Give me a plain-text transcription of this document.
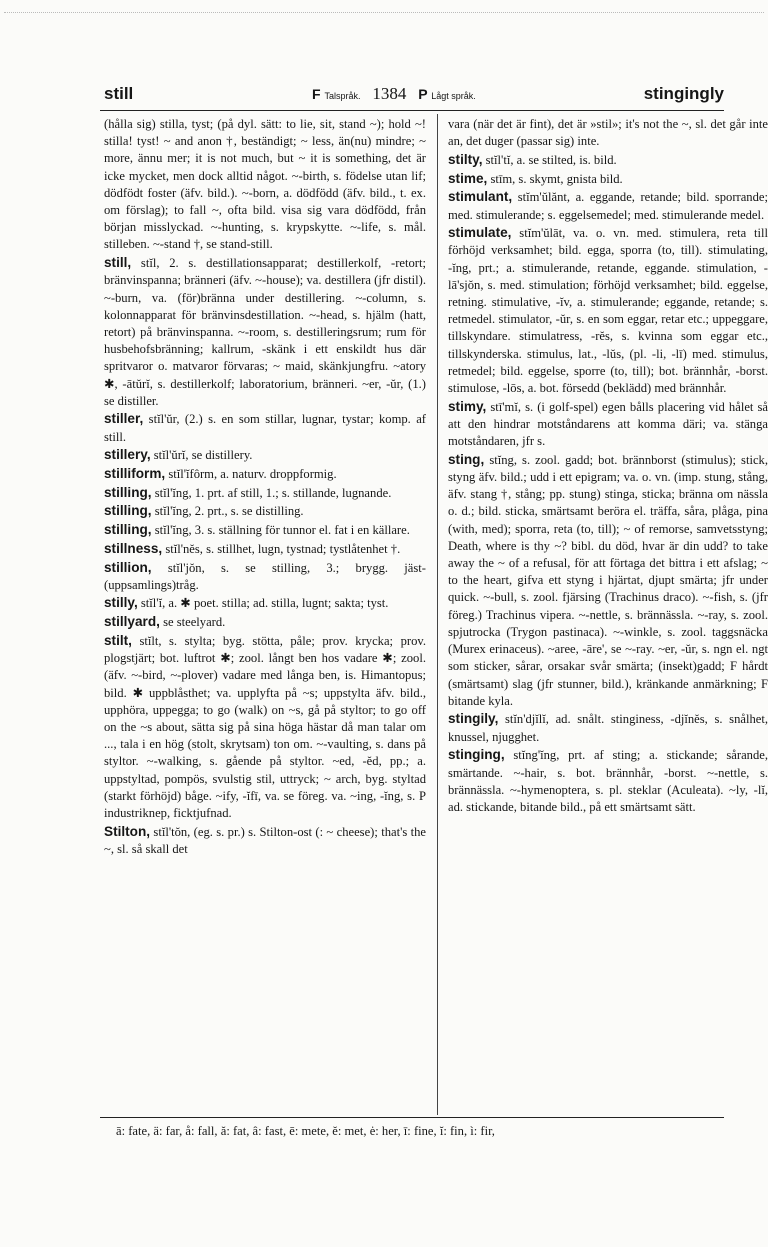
still	F Talspråk. 1384 P Lågt språk.	stingingly
(hålla sig) stilla, tyst; (på dyl. sätt: to lie, sit, stand ~); hold ~! stilla! tyst! ~ and anon †, beständigt; ~ less, än(nu) mindre; ~ more, ännu mer; it is not much, but ~ it is something, det är icke mycket, men dock alltid något. ~-birth, s. födelse utan lif; dödfödt foster (äfv. bild.). ~-born, a. dödfödd (äfv. bild., t. ex. om förslag); to fall ~, ofta bild. visa sig vara dödfödd, från början misslyckad. ~-hunting, s. krypskytte. ~-life, s. mål. stilleben. ~-stand †, se stand-still.
still, stĭl, 2. s. destillationsapparat; destillerkolf, -retort; bränvinspanna; bränneri (äfv. ~-house); va. destillera (jfr distil). ~-burn, va. (för)bränna under destillering. ~-column, s. kolonnapparat för bränvinsdestillation. ~-head, s. hjälm (hatt, retort) på bränvinspanna. ~-room, s. destilleringsrum; rum för husbehofsbränning; kallrum, -skänk i ett enskildt hus där spritvaror o. matvaror förvaras; ~ maid, skänkjungfru. ~atory ✱, -ātŭrĭ, s. destillerkolf; laboratorium, bränneri. ~er, -ŭr, (1.) se distiller.
stiller, stĭl'ŭr, (2.) s. en som stillar, lugnar, tystar; komp. af still.
stillery, stĭl'ŭrĭ, se distillery.
stilliform, stĭl'ĭfôrm, a. naturv. droppformig.
stilling, stĭl'ĭng, 1. prt. af still, 1.; s. stillande, lugnande.
stilling, stĭl'ĭng, 2. prt., s. se distilling.
stilling, stĭl'ĭng, 3. s. ställning för tunnor el. fat i en källare.
stillness, stĭl'nĕs, s. stillhet, lugn, tystnad; tystlåtenhet †.
stillion, stĭl'jŏn, s. se stilling, 3.; brygg. jäst-(uppsamlings)tråg.
stilly, stĭl'ĭ, a. ✱ poet. stilla; ad. stilla, lugnt; sakta; tyst.
stillyard, se steelyard.
stilt, stĭlt, s. stylta; byg. stötta, påle; prov. krycka; prov. plogstjärt; bot. luftrot ✱; zool. långt ben hos vadare ✱; zool. (äfv. ~-bird, ~-plover) vadare med långa ben, is. Himantopus; bild. ✱ uppblåsthet; va. upplyfta på ~s; uppstylta äfv. bild., upphöra, uppegga; to go (walk) on ~s, gå på styltor; to go off on the ~s about, sätta sig på sina höga hästar då man talar om ..., tala i en hög (stolt, skrytsam) ton om. ~-vaulting, s. dans på styltor. ~-walking, s. gående på styltor. ~ed, -ĕd, pp.; a. uppstyltad, pompös, svulstig stil, uttryck; ~ arch, byg. styltad (starkt förhöjd) båge. ~ify, -ĭfī, va. se föreg. va. ~ing, -ĭng, s. P industriknep, ficktjufnad.
Stilton, stĭl'tŏn, (eg. s. pr.) s. Stilton-ost (: ~ cheese); that's the ~, sl. så skall det
vara (när det är fint), det är »stil»; it's not the ~, sl. det går inte an, det duger (passar sig) inte.
stilty, stĭl'tĭ, a. se stilted, is. bild.
stime, stīm, s. skymt, gnista bild.
stimulant, stĭm'ŭlănt, a. eggande, retande; bild. sporrande; med. stimulerande; s. eggelsemedel; med. stimulerande medel.
stimulate, stĭm'ŭlāt, va. o. vn. med. stimulera, reta till förhöjd verksamhet; bild. egga, sporra (to, till). stimulating, -ĭng, prt.; a. stimulerande, retande, eggande. stimulation, -lā'sjŏn, s. med. stimulation; förhöjd verksamhet; bild. eggelse, retning. stimulative, -ĭv, a. stimulerande; eggande, retande; s. retmedel. stimulator, -ŭr, s. en som eggar, retar etc.; uppeggare, tillskyndare. stimulatress, -rĕs, s. kvinna som eggar etc., tillskynderska. stimulus, lat., -lŭs, (pl. -li, -lī) med. stimulus, retmedel; bild. eggelse, sporre (to, till); bot. brännhår, -borst. stimulose, -lōs, a. bot. försedd (beklädd) med brännhår.
stimy, stī'mĭ, s. (i golf-spel) egen bålls placering vid hålet så att den hindrar motståndarens att komma däri; va. stänga motståndaren, jfr s.
sting, stĭng, s. zool. gadd; bot. brännborst (stimulus); stick, styng äfv. bild.; udd i ett epigram; va. o. vn. (imp. stung, stång, äfv. stang †, stång; pp. stung) stinga, sticka; bränna om nässla o. d.; bild. sticka, smärtsamt beröra el. träffa, såra, plåga, pina (with, med); sporra, reta (to, till); ~ of remorse, samvetsstyng; Death, where is thy ~? bibl. du död, hvar är din udd? to take away the ~ of a refusal, för att förtaga det bittra i ett afslag; ~ to the heart, gifva ett styng i hjärtat, djupt smärta; jfr under quick. ~-bull, s. zool. fjärsing (Trachinus draco). ~-fish, s. (jfr föreg.) Trachinus vipera. ~-nettle, s. brännässla. ~-ray, s. zool. spjutrocka (Trygon pastinaca). ~-winkle, s. zool. taggsnäcka (Murex erinaceus). ~aree, -āre', se ~-ray. ~er, -ŭr, s. ngn el. ngt som sticker, sårar, orsakar svår smärta; (insekt)gadd; F hårdt (smärtsamt) slag (jfr stunner, bild.), kränkande anmärkning; F bitande kyla.
stingily, stĭn'djĭlĭ, ad. snålt. stinginess, -djĭnĕs, s. snålhet, knussel, njugghet.
stinging, stĭng'ĭng, prt. af sting; a. stickande; sårande, smärtande. ~-hair, s. bot. brännhår, -borst. ~-nettle, s. brännässla. ~-hymenoptera, s. pl. steklar (Aculeata). ~ly, -lĭ, ad. stickande, bitande bild., på ett smärtsamt sätt.
ā: fate, ä: far, å: fall, ă: fat, â: fast, ē: mete, ĕ: met, ė: her, ī: fine, ĭ: fin, ì: fir,
